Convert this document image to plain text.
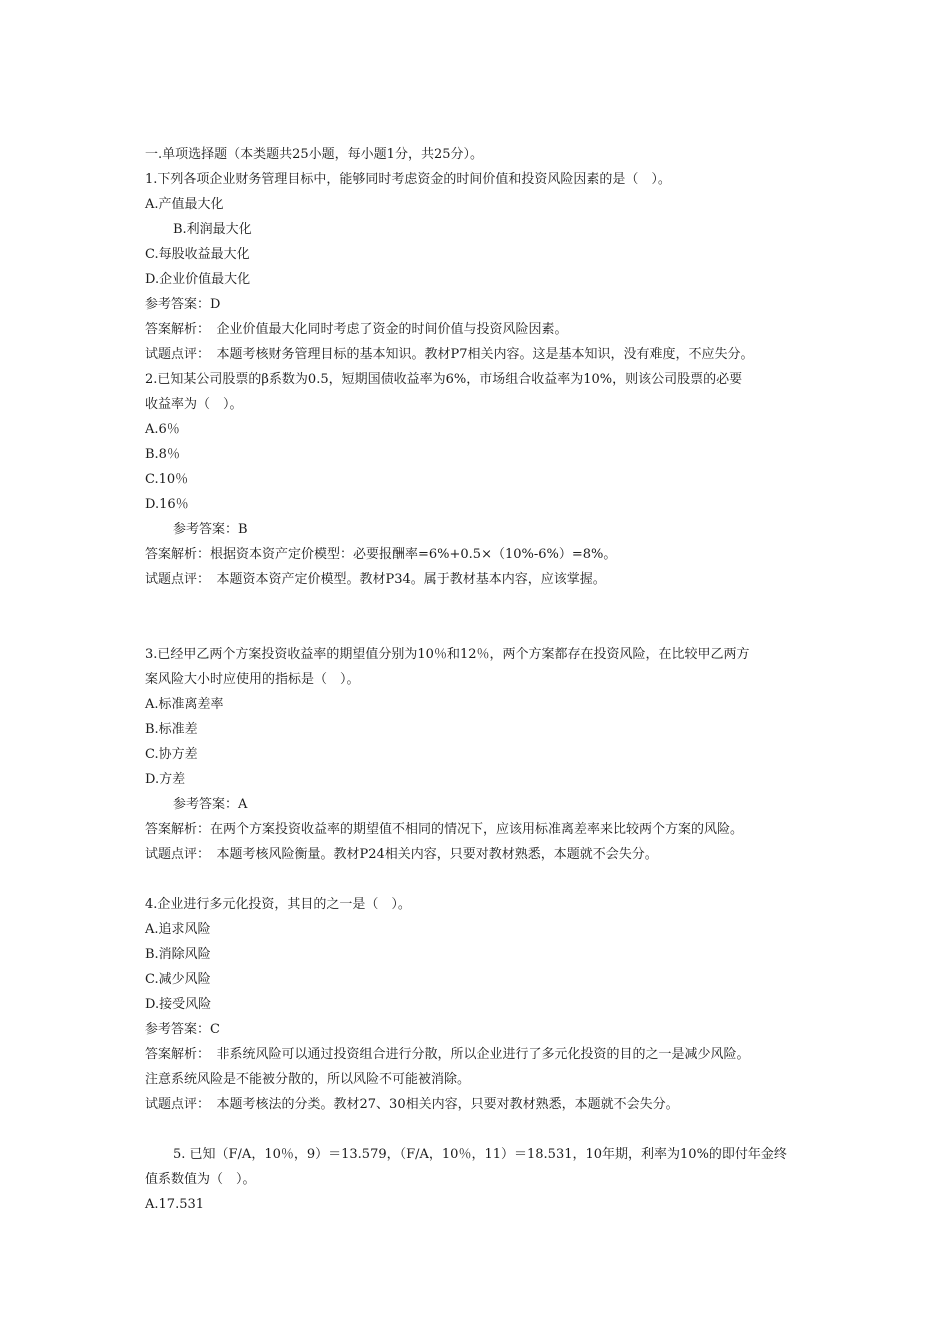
一.单项选择题（本类题共25小题，每小题1分，共25分）。
1.下列各项企业财务管理目标中，能够同时考虑资金的时间价值和投资风险因素的是（　）。
A.产值最大化
B.利润最大化
C.每股收益最大化
D.企业价值最大化
参考答案：D
答案解析：　企业价值最大化同时考虑了资金的时间价值与投资风险因素。
试题点评：　本题考核财务管理目标的基本知识。教材P7相关内容。这是基本知识，没有难度，不应失分。
2.已知某公司股票的β系数为0.5，短期国债收益率为6%，市场组合收益率为10%，则该公司股票的必要
收益率为（　）。
A.6％
B.8％
C.10％
D.16％
参考答案：B
答案解析：根据资本资产定价模型：必要报酬率=6%+0.5×（10%-6%）=8%。
试题点评：　本题资本资产定价模型。教材P34。属于教材基本内容，应该掌握。
3.已经甲乙两个方案投资收益率的期望值分别为10％和12％，两个方案都存在投资风险，在比较甲乙两方
案风险大小时应使用的指标是（　）。
A.标准离差率
B.标准差
C.协方差
D.方差
参考答案：A
答案解析：在两个方案投资收益率的期望值不相同的情况下，应该用标准离差率来比较两个方案的风险。
试题点评：　本题考核风险衡量。教材P24相关内容，只要对教材熟悉，本题就不会失分。
4.企业进行多元化投资，其目的之一是（　）。
A.追求风险
B.消除风险
C.减少风险
D.接受风险
参考答案：C
答案解析：　非系统风险可以通过投资组合进行分散，所以企业进行了多元化投资的目的之一是减少风险。
注意系统风险是不能被分散的，所以风险不可能被消除。
试题点评：　本题考核法的分类。教材27、30相关内容，只要对教材熟悉，本题就不会失分。
5. 已知（F/A，10％，9）＝13.579，（F/A，10％，11）＝18.531，10年期，利率为10%的即付年金终
值系数值为（　）。
A.17.531
